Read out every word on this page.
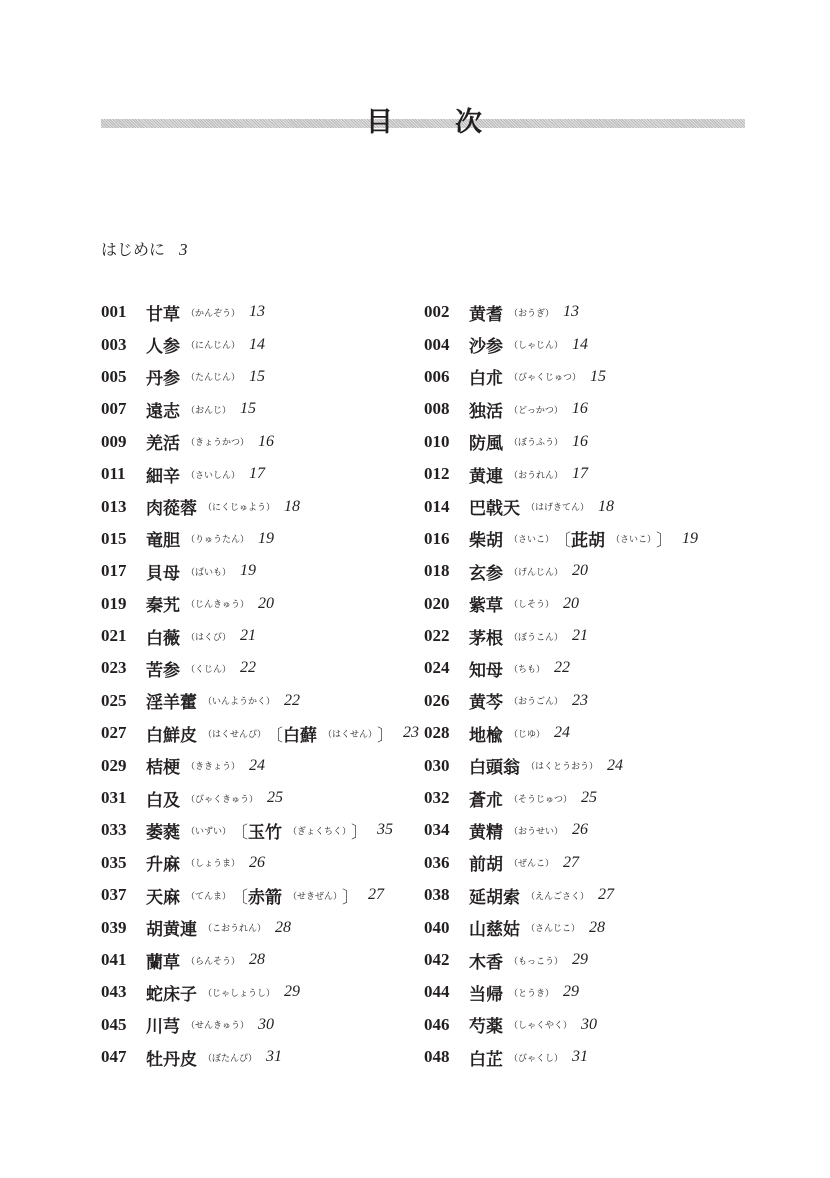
目 次
はじめに 3
001	甘草 （かんぞう） 13
003	人参 （にんじん） 14
005	丹参 （たんじん） 15
007	遠志 （おんじ） 15
009	羌活 （きょうかつ） 16
011	細辛 （さいしん） 17
013	肉蓯蓉 （にくじゅよう） 18
015	竜胆 （りゅうたん） 19
017	貝母 （ばいも） 19
019	秦艽 （じんきゅう） 20
021	白薇 （はくび） 21
023	苦参 （くじん） 22
025	淫羊藿 （いんようかく） 22
027	白鮮皮 （はくせんぴ） 〔 白蘚 （はくせん） 〕 23
029	桔梗 （ききょう） 24
031	白及 （びゃくきゅう） 25
033	萎蕤 （いずい） 〔 玉竹 （ぎょくちく） 〕 35
035	升麻 （しょうま） 26
037	天麻 （てんま） 〔 赤箭 （せきぜん） 〕 27
039	胡黄連 （こおうれん） 28
041	蘭草 （らんそう） 28
043	蛇床子 （じゃしょうし） 29
045	川芎 （せんきゅう） 30
047	牡丹皮 （ぼたんぴ） 31
002	黄耆 （おうぎ） 13
004	沙参 （しゃじん） 14
006	白朮 （びゃくじゅつ） 15
008	独活 （どっかつ） 16
010	防風 （ぼうふう） 16
012	黄連 （おうれん） 17
014	巴戟天 （はげきてん） 18
016	柴胡 （さいこ） 〔 茈胡 （さいこ） 〕 19
018	玄参 （げんじん） 20
020	紫草 （しそう） 20
022	茅根 （ぼうこん） 21
024	知母 （ちも） 22
026	黄芩 （おうごん） 23
028	地楡 （じゆ） 24
030	白頭翁 （はくとうおう） 24
032	蒼朮 （そうじゅつ） 25
034	黄精 （おうせい） 26
036	前胡 （ぜんこ） 27
038	延胡索 （えんごさく） 27
040	山慈姑 （さんじこ） 28
042	木香 （もっこう） 29
044	当帰 （とうき） 29
046	芍薬 （しゃくやく） 30
048	白芷 （びゃくし） 31
